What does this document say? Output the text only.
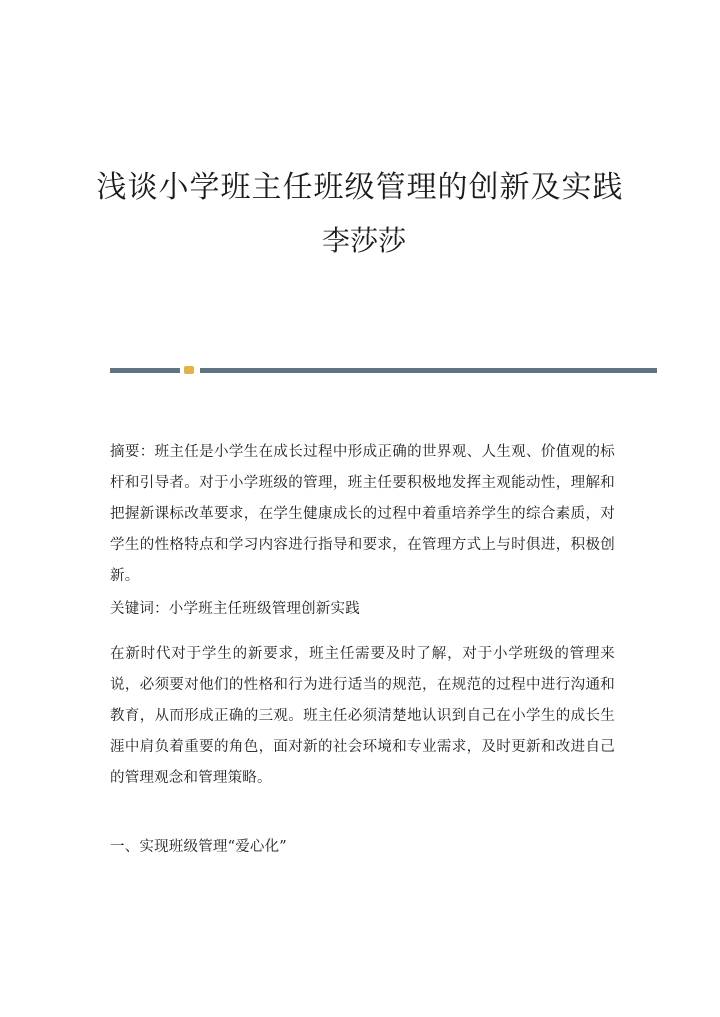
浅谈小学班主任班级管理的创新及实践
李莎莎
摘要：班主任是小学生在成长过程中形成正确的世界观、人生观、价值观的标杆和引导者。对于小学班级的管理，班主任要积极地发挥主观能动性，理解和把握新课标改革要求，在学生健康成长的过程中着重培养学生的综合素质，对学生的性格特点和学习内容进行指导和要求，在管理方式上与时俱进，积极创新。
关键词：小学班主任班级管理创新实践
在新时代对于学生的新要求，班主任需要及时了解，对于小学班级的管理来说，必须要对他们的性格和行为进行适当的规范，在规范的过程中进行沟通和教育，从而形成正确的三观。班主任必须清楚地认识到自己在小学生的成长生涯中肩负着重要的角色，面对新的社会环境和专业需求，及时更新和改进自己的管理观念和管理策略。
一、实现班级管理“爱心化”
